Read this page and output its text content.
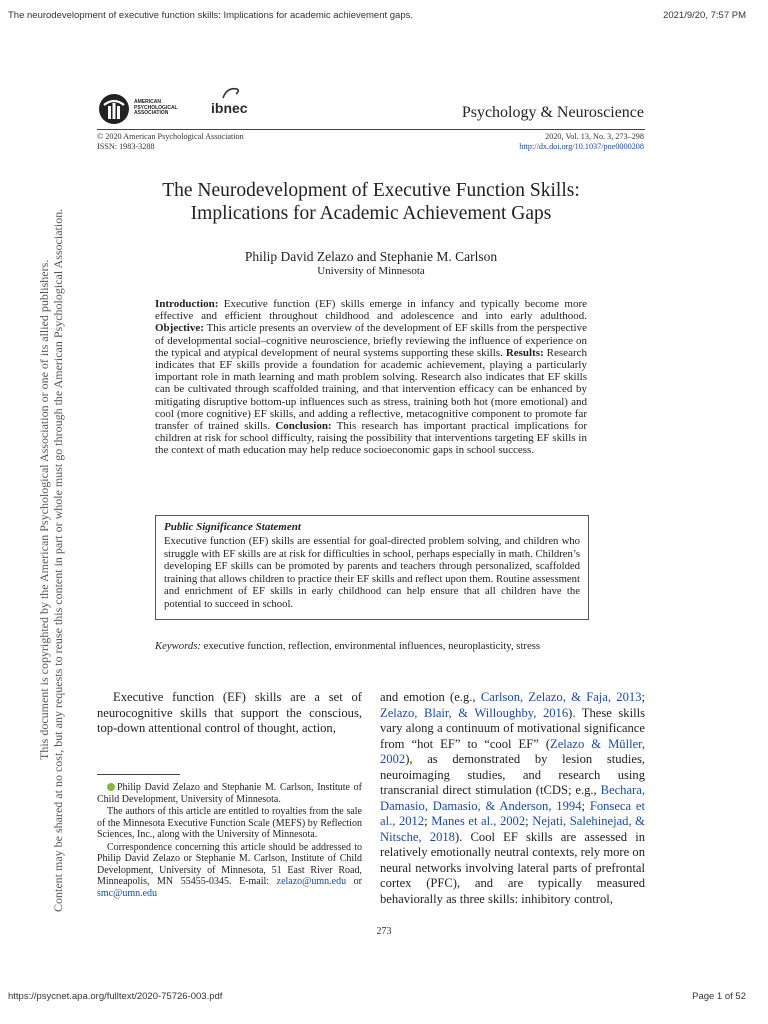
The neurodevelopment of executive function skills: Implications for academic achievement gaps.	2021/9/20, 7:57 PM
This document is copyrighted by the American Psychological Association or one of its allied publishers. Content may be shared at no cost, but any requests to reuse this content in part or whole must go through the American Psychological Association.
AMERICAN
PSYCHOLOGICAL
ASSOCIATION	ibnec	Psychology & Neuroscience
© 2020 American Psychological Association
ISSN: 1983-3288
2020, Vol. 13, No. 3, 273–298
http://dx.doi.org/10.1037/pne0000208
The Neurodevelopment of Executive Function Skills:
Implications for Academic Achievement Gaps
Philip David Zelazo and Stephanie M. Carlson
University of Minnesota
Introduction: Executive function (EF) skills emerge in infancy and typically become more effective and efficient throughout childhood and adolescence and into early adulthood. Objective: This article presents an overview of the development of EF skills from the perspective of developmental social–cognitive neuroscience, briefly reviewing the influence of experience on the typical and atypical development of neural systems supporting these skills. Results: Research indicates that EF skills provide a foundation for academic achievement, playing a particularly important role in math learning and math problem solving. Research also indicates that EF skills can be cultivated through scaffolded training, and that intervention efficacy can be enhanced by mitigating disruptive bottom-up influences such as stress, training both hot (more emotional) and cool (more cognitive) EF skills, and adding a reflective, metacognitive component to promote far transfer of trained skills. Conclusion: This research has important practical implications for children at risk for school difficulty, raising the possibility that interventions targeting EF skills in the context of math education may help reduce socioeconomic gaps in school success.
Public Significance Statement
Executive function (EF) skills are essential for goal-directed problem solving, and children who struggle with EF skills are at risk for difficulties in school, perhaps especially in math. Children’s developing EF skills can be promoted by parents and teachers through personalized, scaffolded training that allows children to practice their EF skills and reflect upon them. Routine assessment and enrichment of EF skills in early childhood can help ensure that all children have the potential to succeed in school.
Keywords: executive function, reflection, environmental influences, neuroplasticity, stress
Executive function (EF) skills are a set of neurocognitive skills that support the conscious, top-down attentional control of thought, action,
and emotion (e.g., Carlson, Zelazo, & Faja, 2013; Zelazo, Blair, & Willoughby, 2016). These skills vary along a continuum of motivational significance from “hot EF” to “cool EF” (Zelazo & Müller, 2002), as demonstrated by lesion studies, neuroimaging studies, and research using transcranial direct stimulation (tCDS; e.g., Bechara, Damasio, Damasio, & Anderson, 1994; Fonseca et al., 2012; Manes et al., 2002; Nejati, Salehinejad, & Nitsche, 2018). Cool EF skills are assessed in relatively emotionally neutral contexts, rely more on neural networks involving lateral parts of prefrontal cortex (PFC), and are typically measured behaviorally as three skills: inhibitory control,

Philip David Zelazo and Stephanie M. Carlson, Institute of Child Development, University of Minnesota.

The authors of this article are entitled to royalties from the sale of the Minnesota Executive Function Scale (MEFS) by Reflection Sciences, Inc., along with the University of Minnesota.

Correspondence concerning this article should be addressed to Philip David Zelazo or Stephanie M. Carlson, Institute of Child Development, University of Minnesota, 51 East River Road, Minneapolis, MN 55455-0345. E-mail: zelazo@umn.edu or smc@umn.edu

273
https://psycnet.apa.org/fulltext/2020-75726-003.pdf	Page 1 of 52
